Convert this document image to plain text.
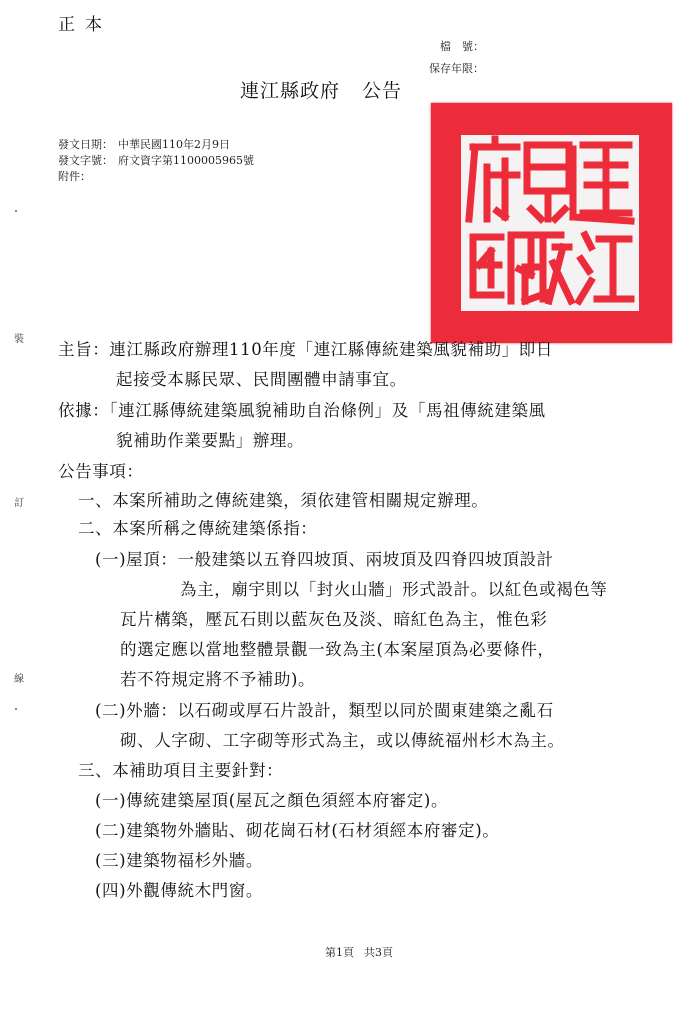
正本
檔　號：
保存年限：
連江縣政府 公告
發文日期： 中華民國110年2月9日
發文字號： 府文資字第1100005965號
附件：
裝
訂
線
主旨：連江縣政府辦理110年度「連江縣傳統建築風貌補助」即日
起接受本縣民眾、民間團體申請事宜。
依據：「連江縣傳統建築風貌補助自治條例」及「馬祖傳統建築風
貌補助作業要點」辦理。
公告事項：
一、本案所補助之傳統建築，須依建管相關規定辦理。
二、本案所稱之傳統建築係指：
(一)屋頂：一般建築以五脊四坡頂、兩坡頂及四脊四坡頂設計
為主，廟宇則以「封火山牆」形式設計。以紅色或褐色等
瓦片構築，壓瓦石則以藍灰色及淡、暗紅色為主，惟色彩
的選定應以當地整體景觀一致為主(本案屋頂為必要條件，
若不符規定將不予補助)。
(二)外牆：以石砌或厚石片設計，類型以同於閩東建築之亂石
砌、人字砌、工字砌等形式為主，或以傳統福州杉木為主。
三、本補助項目主要針對：
(一)傳統建築屋頂(屋瓦之顏色須經本府審定)。
(二)建築物外牆貼、砌花崗石材(石材須經本府審定)。
(三)建築物福杉外牆。
(四)外觀傳統木門窗。
第1頁 共3頁
